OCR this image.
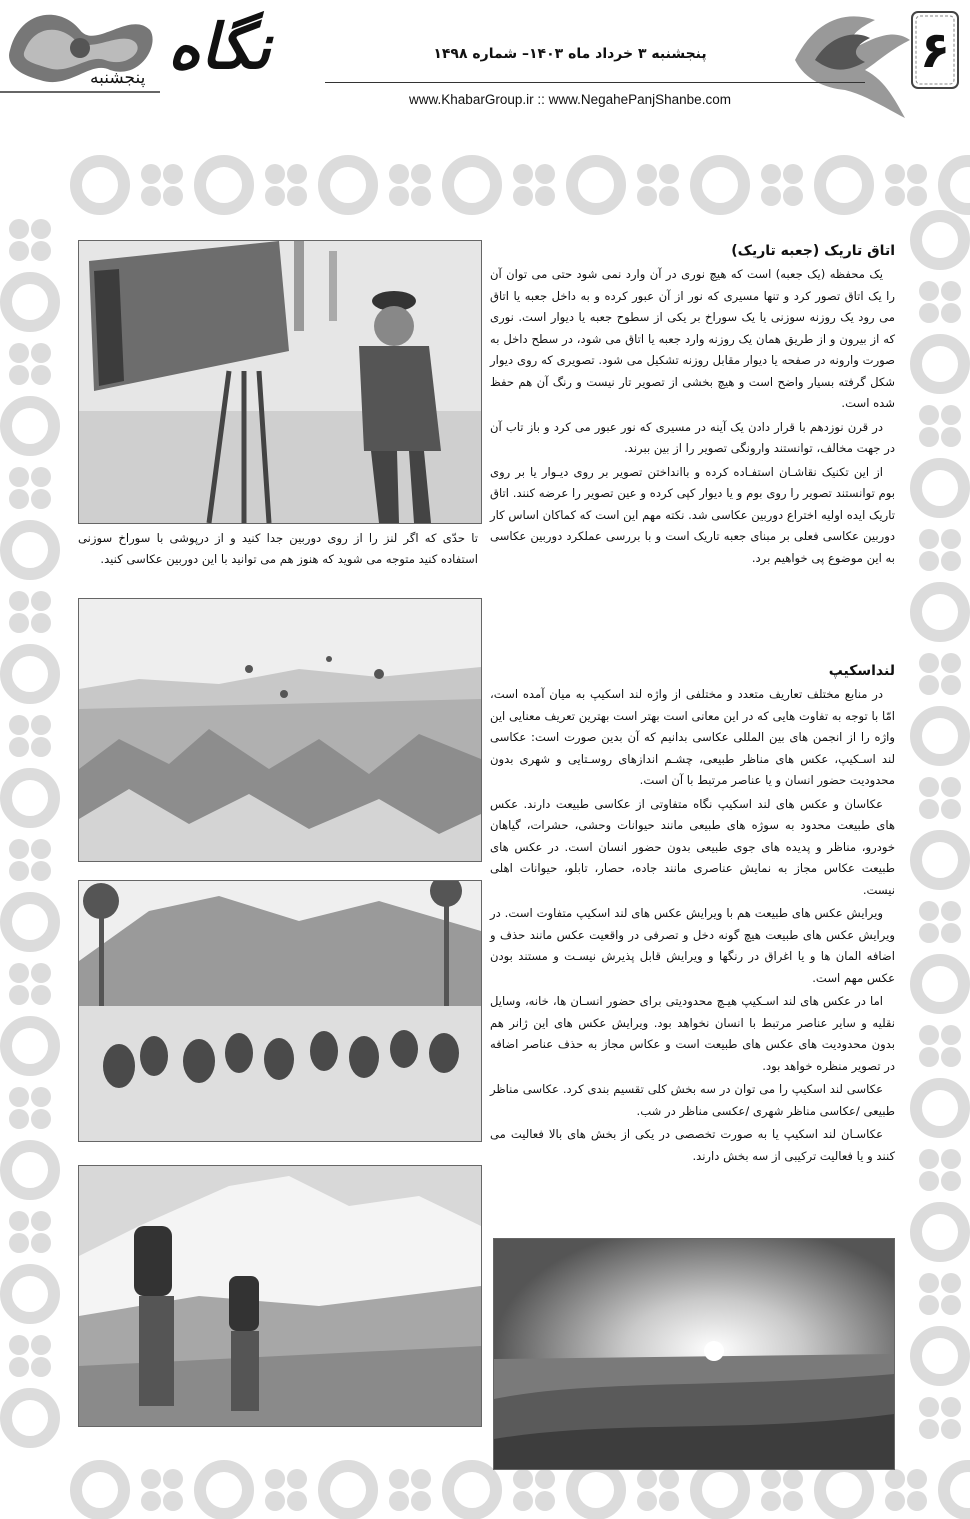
نگاه
پنجشنبه
پنجشنبه ۳ خرداد ماه ۱۴۰۳– شماره ۱۴۹۸
www.KhabarGroup.ir :: www.NegahePanjShanbe.com
۶
تا حدّی که اگر لنز را از روی دوربین جدا کنید و از درپوشی با سوراخ سوزنی استفاده کنید متوجه می شوید که هنوز هم می توانید با این دوربین عکاسی کنید.
اتاق تاریک (جعبه تاریک)

یک محفظه (یک جعبه) است که هیچ نوری در آن وارد نمی شود حتی می توان آن را یک اتاق تصور کرد و تنها مسیری که نور از آن عبور کرده و به داخل جعبه یا اتاق می رود یک روزنه سوزنی یا یک سوراخ بر یکی از سطوح جعبه یا دیوار است. نوری که از بیرون و از طریق همان یک روزنه وارد جعبه یا اتاق می شود، در سطح داخل به صورت وارونه در صفحه یا دیوار مقابل روزنه تشکیل می شود. تصویری که روی دیوار شکل گرفته بسیار واضح است و هیچ بخشی از تصویر تار نیست و رنگ آن هم حفظ شده است.

در قرن نوزدهم با قرار دادن یک آینه در مسیری که نور عبور می کرد و باز تاب آن در جهت مخالف، توانستند وارونگی تصویر را از بین ببرند.

از این تکنیک نقاشـان استفـاده کرده و باانداختن تصویر بر روی دیـوار یا بر روی بوم توانستند تصویر را روی بوم و یا دیوار کپی کرده و عین تصویر را عرضه کنند. اتاق تاریک ایده اولیه اختراع دوربین عکاسی شد. نکته مهم این است که کماکان اساس کار دوربین عکاسی فعلی بر مبنای جعبه تاریک است و با بررسی عملکرد دوربین عکاسی به این موضوع پی خواهیم برد.

لنداسکیپ

در منابع مختلف تعاریف متعدد و مختلفی از واژه لند اسکیپ به میان آمده است، امّا با توجه به تفاوت هایی که در این معانی است بهتر است بهترین تعریف معنایی این واژه را از انجمن های بین المللی عکاسی بدانیم که آن بدین صورت است: عکاسی لند اسـکیپ، عکس های مناظر طبیعی، چشـم اندازهای روسـتایی و شهری بدون محدودیت حضور انسان و یا عناصر مرتبط با آن است.

عکاسان و عکس های لند اسکیپ نگاه متفاوتی از عکاسی طبیعت دارند. عکس های طبیعت محدود به سوژه های طبیعی مانند حیوانات وحشی، حشرات، گیاهان خودرو، مناظر و پدیده های جوی طبیعی بدون حضور انسان است. در عکس های طبیعت عکاس مجاز به نمایش عناصری مانند جاده، حصار، تابلو، حیوانات اهلی نیست.

ویرایش عکس های طبیعت هم با ویرایش عکس های لند اسکیپ متفاوت است. در ویرایش عکس های طبیعت هیچ گونه دخل و تصرفی در واقعیت عکس مانند حذف و اضافه المان ها و یا اغراق در رنگها و ویرایش قابل پذیرش نیسـت و مستند بودن عکس مهم است.

اما در عکس های لند اسـکیپ هیـچ محدودیتی برای حضور انسـان ها، خانه، وسایل نقلیه و سایر عناصر مرتبط با انسان نخواهد بود. ویرایش عکس های این ژانر هم بدون محدودیت های عکس های طبیعت است و عکاس مجاز به حذف عناصر اضافه در تصویر منظره خواهد بود.

عکاسی لند اسکیپ را می توان در سه بخش کلی تقسیم بندی کرد. عکاسی مناظر طبیعی /عکاسی مناظر شهری /عکسی مناظر در شب.

عکاسـان لند اسکیپ یا به صورت تخصصی در یکی از بخش های بالا فعالیت می کنند و یا فعالیت ترکیبی از سه بخش دارند.
